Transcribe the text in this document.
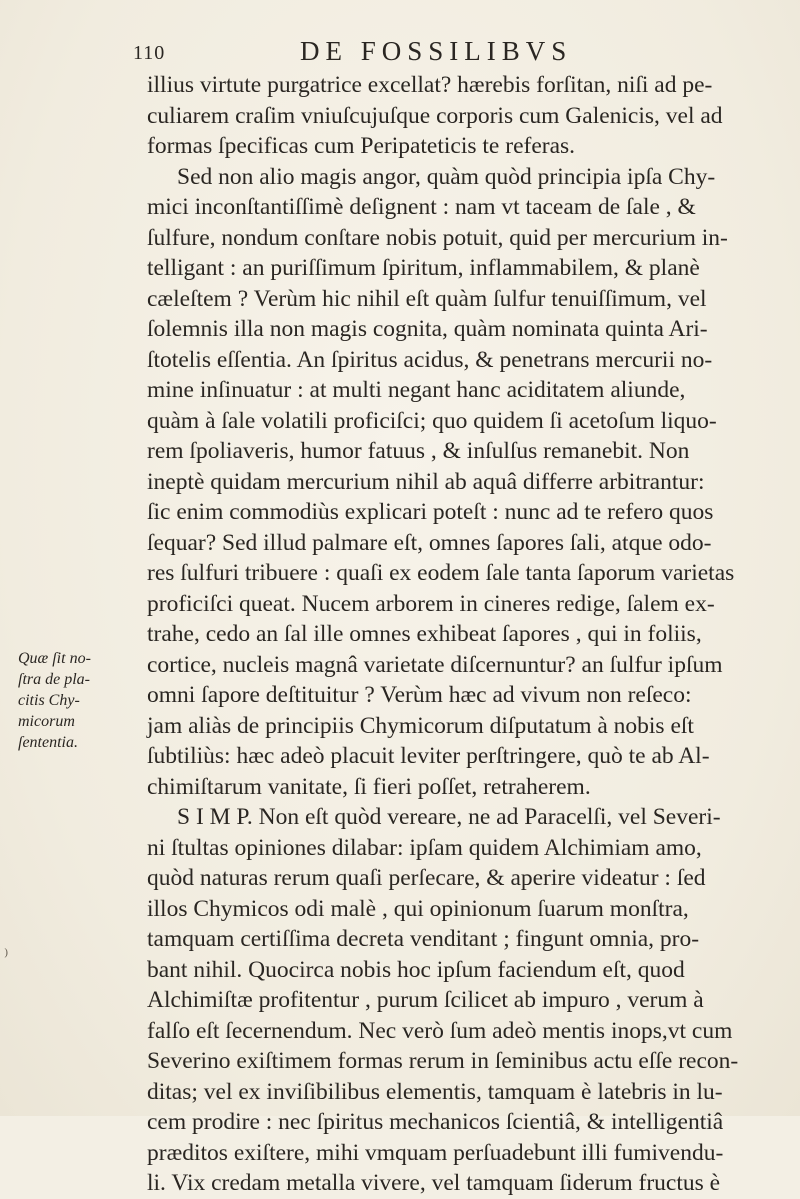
110	DE FOSSILIBVS
Quæ ſit no-
ſtra de pla-
citis Chy-
micorum
ſententia.
⁾
illius virtute purgatrice excellat? hærebis forſitan, niſi ad pe-
culiarem craſim vniuſcujuſque corporis cum Galenicis, vel ad
formas ſpecificas cum Peripateticis te referas.
Sed non alio magis angor, quàm quòd principia ipſa Chy-
mici inconſtantiſſimè deſignent : nam vt taceam de ſale , &
ſulfure, nondum conſtare nobis potuit, quid per mercurium in-
telligant : an puriſſimum ſpiritum, inflammabilem, & planè
cæleſtem ? Verùm hic nihil eſt quàm ſulfur tenuiſſimum, vel
ſolemnis illa non magis cognita, quàm nominata quinta Ari-
ſtotelis eſſentia. An ſpiritus acidus, & penetrans mercurii no-
mine inſinuatur : at multi negant hanc aciditatem aliunde,
quàm à ſale volatili proficiſci; quo quidem ſi acetoſum liquo-
rem ſpoliaveris, humor fatuus , & inſulſus remanebit. Non
ineptè quidam mercurium nihil ab aquâ differre arbitrantur:
ſic enim commodiùs explicari poteſt : nunc ad te refero quos
ſequar? Sed illud palmare eſt, omnes ſapores ſali, atque odo-
res ſulfuri tribuere : quaſi ex eodem ſale tanta ſaporum varietas
proficiſci queat. Nucem arborem in cineres redige, ſalem ex-
trahe, cedo an ſal ille omnes exhibeat ſapores , qui in foliis,
cortice, nucleis magnâ varietate diſcernuntur? an ſulfur ipſum
omni ſapore deſtituitur ? Verùm hæc ad vivum non reſeco:
jam aliàs de principiis Chymicorum diſputatum à nobis eſt
ſubtiliùs: hæc adeò placuit leviter perſtringere, quò te ab Al-
chimiſtarum vanitate, ſi fieri poſſet, retraherem.
S I M P. Non eſt quòd vereare, ne ad Paracelſi, vel Severi-
ni ſtultas opiniones dilabar: ipſam quidem Alchimiam amo,
quòd naturas rerum quaſi perſecare, & aperire videatur : ſed
illos Chymicos odi malè , qui opinionum ſuarum monſtra,
tamquam certiſſima decreta venditant ; fingunt omnia, pro-
bant nihil. Quocirca nobis hoc ipſum faciendum eſt, quod
Alchimiſtæ profitentur , purum ſcilicet ab impuro , verum à
falſo eſt ſecernendum. Nec verò ſum adeò mentis inops,vt cum
Severino exiſtimem formas rerum in ſeminibus actu eſſe recon-
ditas; vel ex inviſibilibus elementis, tamquam è latebris in lu-
cem prodire : nec ſpiritus mechanicos ſcientiâ, & intelligentiâ
præditos exiſtere, mihi vmquam perſuadebunt illi fumivendu-
li. Vix credam metalla vivere, vel tamquam ſiderum fructus è
